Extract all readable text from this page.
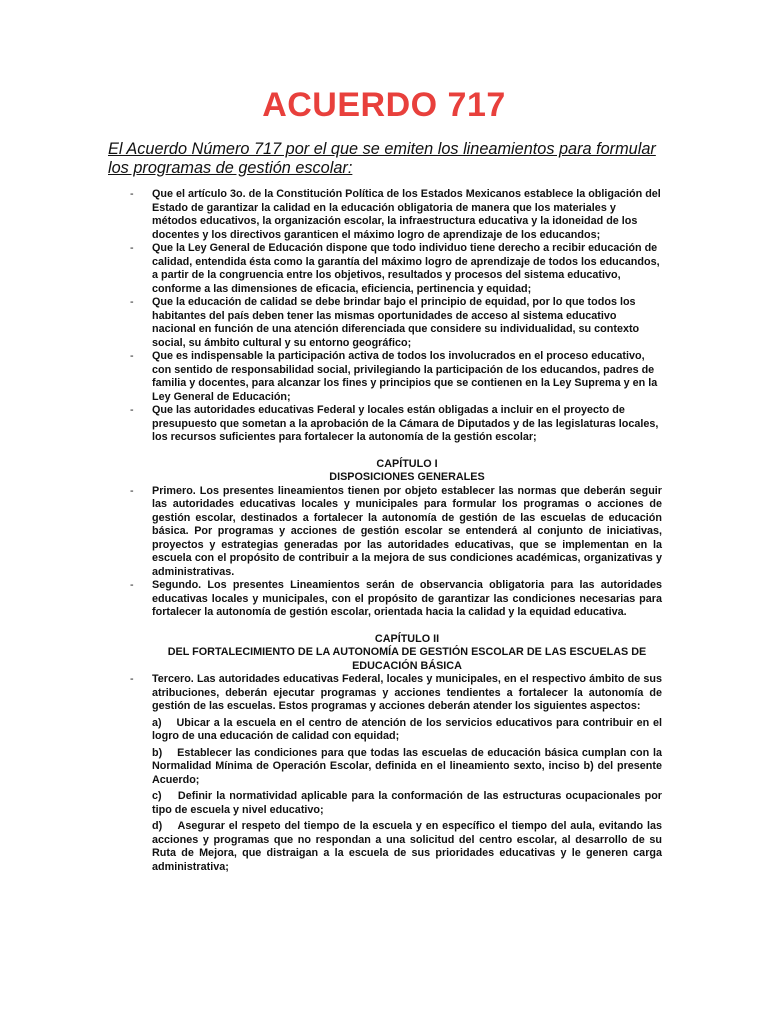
ACUERDO 717
El Acuerdo Número 717 por el que se emiten los lineamientos para formular los programas de gestión escolar:

- Que el artículo 3o. de la Constitución Política de los Estados Mexicanos establece la obligación del Estado de garantizar la calidad en la educación obligatoria de manera que los materiales y métodos educativos, la organización escolar, la infraestructura educativa y la idoneidad de los docentes y los directivos garanticen el máximo logro de aprendizaje de los educandos;

- Que la Ley General de Educación dispone que todo individuo tiene derecho a recibir educación de calidad, entendida ésta como la garantía del máximo logro de aprendizaje de todos los educandos, a partir de la congruencia entre los objetivos, resultados y procesos del sistema educativo, conforme a las dimensiones de eficacia, eficiencia, pertinencia y equidad;

- Que la educación de calidad se debe brindar bajo el principio de equidad, por lo que todos los habitantes del país deben tener las mismas oportunidades de acceso al sistema educativo nacional en función de una atención diferenciada que considere su individualidad, su contexto social, su ámbito cultural y su entorno geográfico;

- Que es indispensable la participación activa de todos los involucrados en el proceso educativo, con sentido de responsabilidad social, privilegiando la participación de los educandos, padres de familia y docentes, para alcanzar los fines y principios que se contienen en la Ley Suprema y en la Ley General de Educación;

- Que las autoridades educativas Federal y locales están obligadas a incluir en el proyecto de presupuesto que sometan a la aprobación de la Cámara de Diputados y de las legislaturas locales, los recursos suficientes para fortalecer la autonomía de la gestión escolar;

CAPÍTULO I

DISPOSICIONES GENERALES

- Primero. Los presentes lineamientos tienen por objeto establecer las normas que deberán seguir las autoridades educativas locales y municipales para formular los programas o acciones de gestión escolar, destinados a fortalecer la autonomía de gestión de las escuelas de educación básica. Por programas y acciones de gestión escolar se entenderá al conjunto de iniciativas, proyectos y estrategias generadas por las autoridades educativas, que se implementan en la escuela con el propósito de contribuir a la mejora de sus condiciones académicas, organizativas y administrativas.

- Segundo. Los presentes Lineamientos serán de observancia obligatoria para las autoridades educativas locales y municipales, con el propósito de garantizar las condiciones necesarias para fortalecer la autonomía de gestión escolar, orientada hacia la calidad y la equidad educativa.

CAPÍTULO II

DEL FORTALECIMIENTO DE LA AUTONOMÍA DE GESTIÓN ESCOLAR DE LAS ESCUELAS DE EDUCACIÓN BÁSICA

- Tercero. Las autoridades educativas Federal, locales y municipales, en el respectivo ámbito de sus atribuciones, deberán ejecutar programas y acciones tendientes a fortalecer la autonomía de gestión de las escuelas. Estos programas y acciones deberán atender los siguientes aspectos:

a)    Ubicar a la escuela en el centro de atención de los servicios educativos para contribuir en el logro de una educación de calidad con equidad;

b)    Establecer las condiciones para que todas las escuelas de educación básica cumplan con la Normalidad Mínima de Operación Escolar, definida en el lineamiento sexto, inciso b) del presente Acuerdo;

c)    Definir la normatividad aplicable para la conformación de las estructuras ocupacionales por tipo de escuela y nivel educativo;

d)    Asegurar el respeto del tiempo de la escuela y en específico el tiempo del aula, evitando las acciones y programas que no respondan a una solicitud del centro escolar, al desarrollo de su Ruta de Mejora, que distraigan a la escuela de sus prioridades educativas y le generen carga administrativa;
